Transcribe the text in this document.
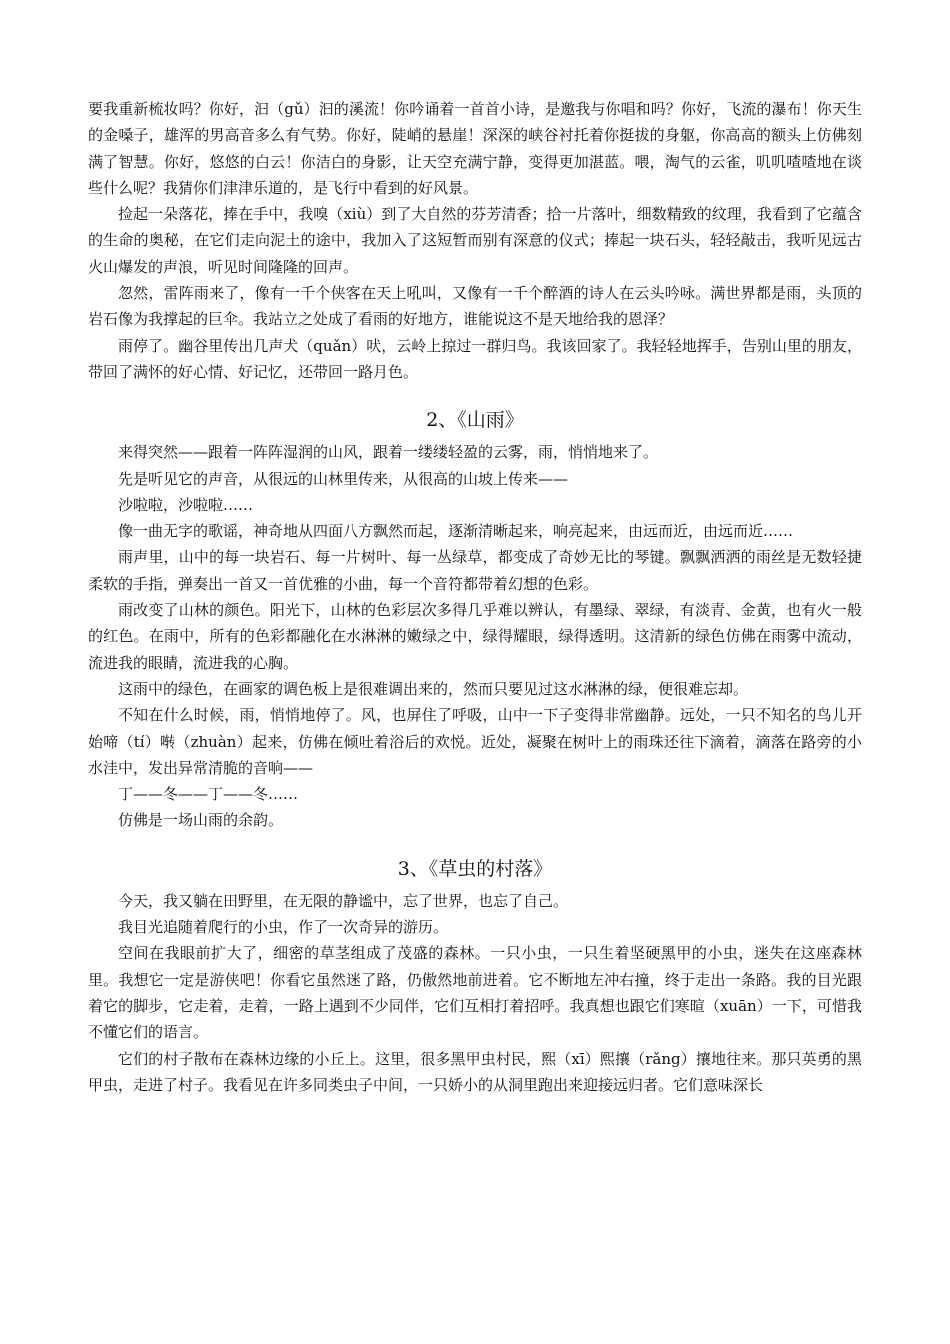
要我重新梳妆吗？你好，汩（gǔ）汩的溪流！你吟诵着一首首小诗，是邀我与你唱和吗？你好，飞流的瀑布！你天生的金嗓子，雄浑的男高音多么有气势。你好，陡峭的悬崖！深深的峡谷衬托着你挺拔的身躯，你高高的额头上仿佛刻满了智慧。你好，悠悠的白云！你洁白的身影，让天空充满宁静，变得更加湛蓝。喂，淘气的云雀，叽叽喳喳地在谈些什么呢？我猜你们津津乐道的，是飞行中看到的好风景。

捡起一朵落花，捧在手中，我嗅（xiù）到了大自然的芬芳清香；拾一片落叶，细数精致的纹理，我看到了它蕴含的生命的奥秘，在它们走向泥土的途中，我加入了这短暂而别有深意的仪式；捧起一块石头，轻轻敲击，我听见远古火山爆发的声浪，听见时间隆隆的回声。

忽然，雷阵雨来了，像有一千个侠客在天上吼叫，又像有一千个醉酒的诗人在云头吟咏。满世界都是雨，头顶的岩石像为我撑起的巨伞。我站立之处成了看雨的好地方，谁能说这不是天地给我的恩泽？

雨停了。幽谷里传出几声犬（quǎn）吠，云岭上掠过一群归鸟。我该回家了。我轻轻地挥手，告别山里的朋友，带回了满怀的好心情、好记忆，还带回一路月色。

2、《山雨》

来得突然——跟着一阵阵湿润的山风，跟着一缕缕轻盈的云雾，雨，悄悄地来了。

先是听见它的声音，从很远的山林里传来，从很高的山坡上传来——

沙啦啦，沙啦啦……

像一曲无字的歌谣，神奇地从四面八方飘然而起，逐渐清晰起来，响亮起来，由远而近，由远而近……

雨声里，山中的每一块岩石、每一片树叶、每一丛绿草，都变成了奇妙无比的琴键。飘飘洒洒的雨丝是无数轻捷柔软的手指，弹奏出一首又一首优雅的小曲，每一个音符都带着幻想的色彩。

雨改变了山林的颜色。阳光下，山林的色彩层次多得几乎难以辨认，有墨绿、翠绿，有淡青、金黄，也有火一般的红色。在雨中，所有的色彩都融化在水淋淋的嫩绿之中，绿得耀眼，绿得透明。这清新的绿色仿佛在雨雾中流动，流进我的眼睛，流进我的心胸。

这雨中的绿色，在画家的调色板上是很难调出来的，然而只要见过这水淋淋的绿，便很难忘却。

不知在什么时候，雨，悄悄地停了。风，也屏住了呼吸，山中一下子变得非常幽静。远处，一只不知名的鸟儿开始啼（tí）啭（zhuàn）起来，仿佛在倾吐着浴后的欢悦。近处，凝聚在树叶上的雨珠还往下滴着，滴落在路旁的小水洼中，发出异常清脆的音响——

丁——冬——丁——冬……

仿佛是一场山雨的余韵。

3、《草虫的村落》

今天，我又躺在田野里，在无限的静谧中，忘了世界，也忘了自己。

我目光追随着爬行的小虫，作了一次奇异的游历。

空间在我眼前扩大了，细密的草茎组成了茂盛的森林。一只小虫，一只生着坚硬黑甲的小虫，迷失在这座森林里。我想它一定是游侠吧！你看它虽然迷了路，仍傲然地前进着。它不断地左冲右撞，终于走出一条路。我的目光跟着它的脚步，它走着，走着，一路上遇到不少同伴，它们互相打着招呼。我真想也跟它们寒暄（xuān）一下，可惜我不懂它们的语言。

它们的村子散布在森林边缘的小丘上。这里，很多黑甲虫村民，熙（xī）熙攘（rǎng）攘地往来。那只英勇的黑甲虫，走进了村子。我看见在许多同类虫子中间，一只娇小的从洞里跑出来迎接远归者。它们意味深长
